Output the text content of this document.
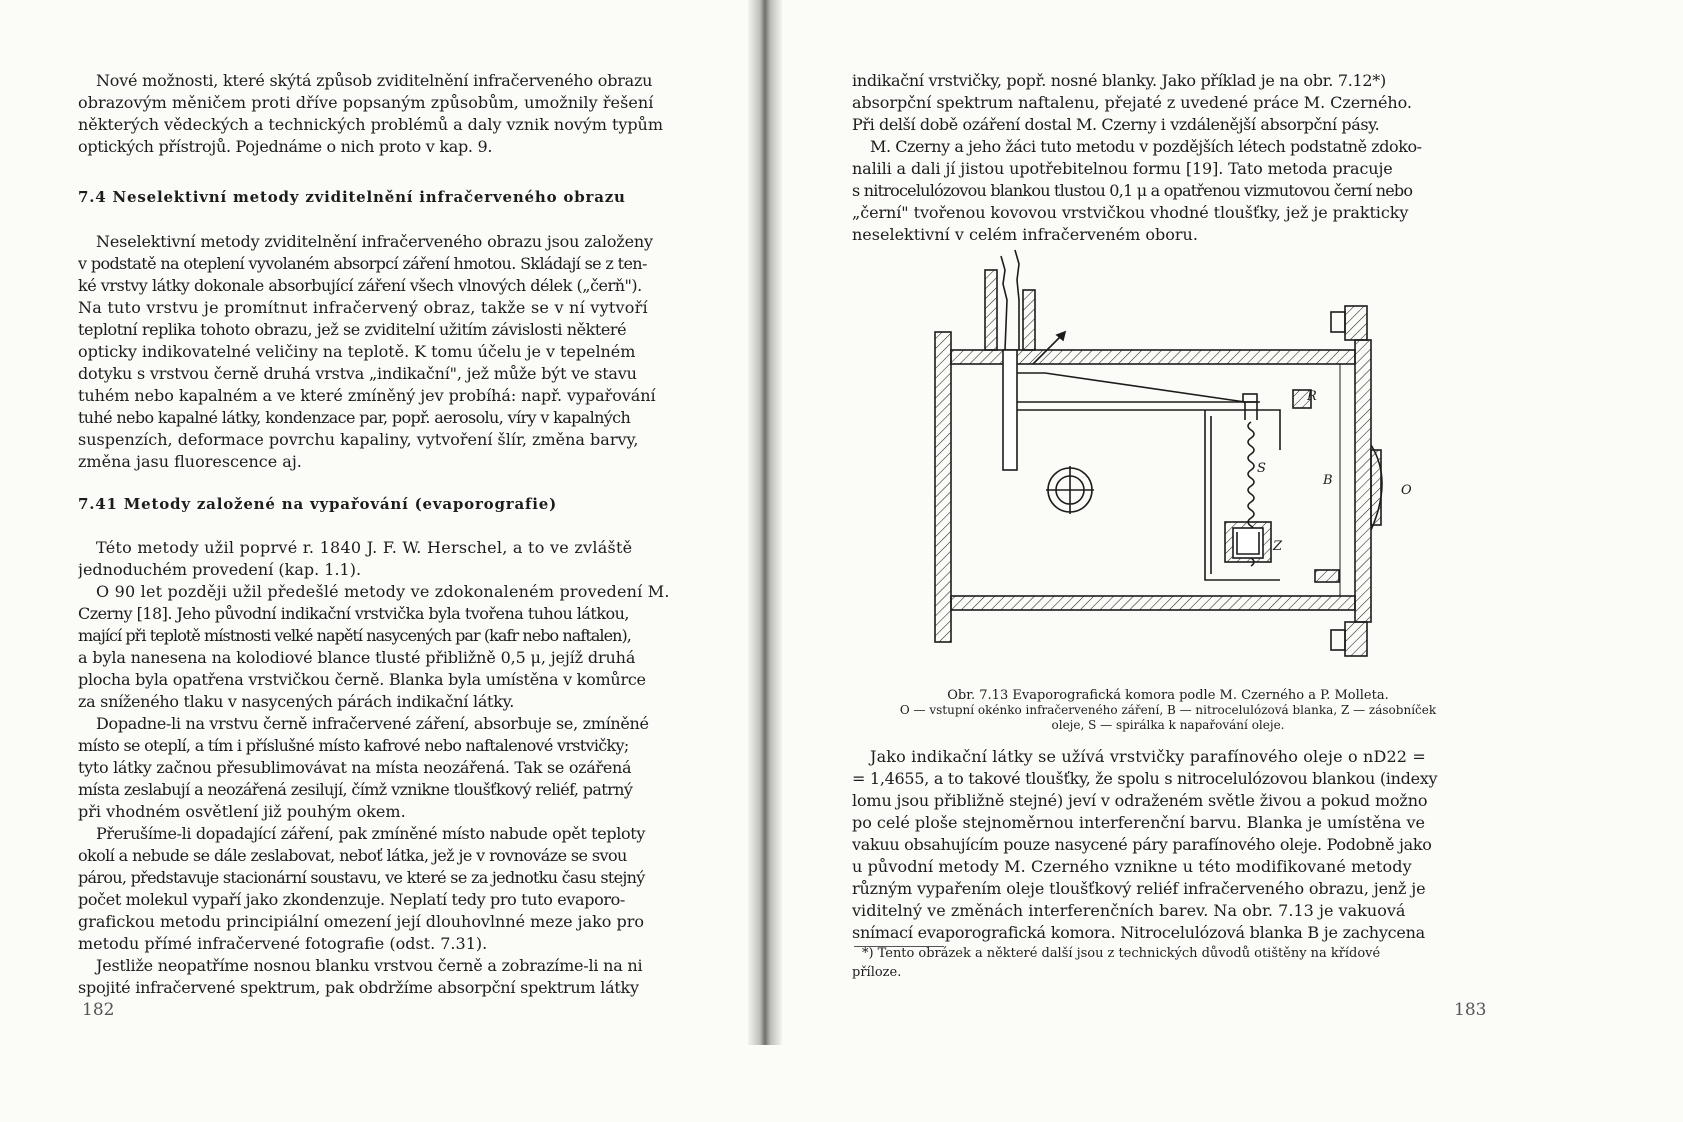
Nové možnosti, které skýtá způsob zviditelnění infračerveného obrazu
obrazovým měničem proti dříve popsaným způsobům, umožnily řešení
některých vědeckých a technických problémů a daly vznik novým typům
optických přístrojů. Pojednáme o nich proto v kap. 9.
7.4 Neselektivní metody zviditelnění infračerveného obrazu
Neselektivní metody zviditelnění infračerveného obrazu jsou založeny
v podstatě na oteplení vyvolaném absorpcí záření hmotou. Skládají se z ten-
ké vrstvy látky dokonale absorbující záření všech vlnových délek („čerň").
Na tuto vrstvu je promítnut infračervený obraz, takže se v ní vytvoří
teplotní replika tohoto obrazu, jež se zviditelní užitím závislosti některé
opticky indikovatelné veličiny na teplotě. K tomu účelu je v tepelném
dotyku s vrstvou černě druhá vrstva „indikační", jež může být ve stavu
tuhém nebo kapalném a ve které zmíněný jev probíhá: např. vypařování
tuhé nebo kapalné látky, kondenzace par, popř. aerosolu, víry v kapalných
suspenzích, deformace povrchu kapaliny, vytvoření šlír, změna barvy,
změna jasu fluorescence aj.
7.41 Metody založené na vypařování (evaporografie)
Této metody užil poprvé r. 1840 J. F. W. Herschel, a to ve zvláště
jednoduchém provedení (kap. 1.1).
O 90 let později užil předešlé metody ve zdokonaleném provedení M.
Czerny [18]. Jeho původní indikační vrstvička byla tvořena tuhou látkou,
mající při teplotě místnosti velké napětí nasycených par (kafr nebo naftalen),
a byla nanesena na kolodiové blance tlusté přibližně 0,5 μ, jejíž druhá
plocha byla opatřena vrstvičkou černě. Blanka byla umístěna v komůrce
za sníženého tlaku v nasycených párách indikační látky.
Dopadne-li na vrstvu černě infračervené záření, absorbuje se, zmíněné
místo se oteplí, a tím i příslušné místo kafrové nebo naftalenové vrstvičky;
tyto látky začnou přesublimovávat na místa neozářená. Tak se ozářená
místa zeslabují a neozářená zesilují, čímž vznikne tloušťkový reliéf, patrný
při vhodném osvětlení již pouhým okem.
Přerušíme-li dopadající záření, pak zmíněné místo nabude opět teploty
okolí a nebude se dále zeslabovat, neboť látka, jež je v rovnováze se svou
párou, představuje stacionární soustavu, ve které se za jednotku času stejný
počet molekul vypaří jako zkondenzuje. Neplatí tedy pro tuto evaporo-
grafickou metodu principiální omezení její dlouhovlnné meze jako pro
metodu přímé infračervené fotografie (odst. 7.31).
Jestliže neopatříme nosnou blanku vrstvou černě a zobrazíme-li na ni
spojité infračervené spektrum, pak obdržíme absorpční spektrum látky
182
indikační vrstvičky, popř. nosné blanky. Jako příklad je na obr. 7.12*)
absorpční spektrum naftalenu, přejaté z uvedené práce M. Czerného.
Při delší době ozáření dostal M. Czerny i vzdálenější absorpční pásy.
M. Czerny a jeho žáci tuto metodu v pozdějších létech podstatně zdoko-
nalili a dali jí jistou upotřebitelnou formu [19]. Tato metoda pracuje
s nitrocelulózovou blankou tlustou 0,1 μ a opatřenou vizmutovou černí nebo
„černí" tvořenou kovovou vrstvičkou vhodné tloušťky, jež je prakticky
neselektivní v celém infračerveném oboru.
R
S
B
Z
O
Obr. 7.13 Evaporografická komora podle M. Czerného a P. Molleta.
O — vstupní okénko infračerveného záření, B — nitrocelulózová blanka, Z — zásobníček
oleje, S — spirálka k napařování oleje.
Jako indikační látky se užívá vrstvičky parafínového oleje o nD22 =
= 1,4655, a to takové tloušťky, že spolu s nitrocelulózovou blankou (indexy
lomu jsou přibližně stejné) jeví v odraženém světle živou a pokud možno
po celé ploše stejnoměrnou interferenční barvu. Blanka je umístěna ve
vakuu obsahujícím pouze nasycené páry parafínového oleje. Podobně jako
u původní metody M. Czerného vznikne u této modifikované metody
různým vypařením oleje tloušťkový reliéf infračerveného obrazu, jenž je
viditelný ve změnách interferenčních barev. Na obr. 7.13 je vakuová
snímací evaporografická komora. Nitrocelulózová blanka B je zachycena
*) Tento obrázek a některé další jsou z technických důvodů otištěny na křídové
příloze.
183
